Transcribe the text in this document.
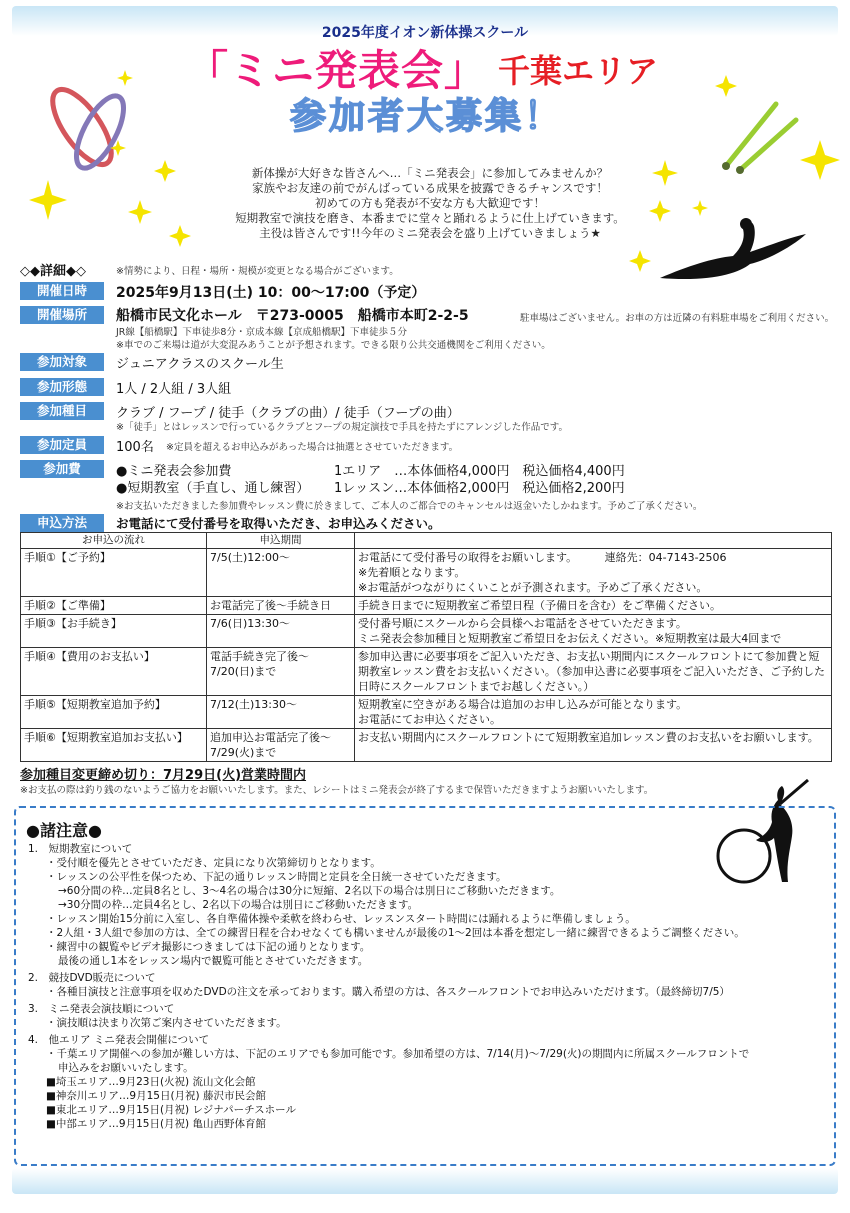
2025年度イオン新体操スクール
「ミニ発表会」 千葉エリア
参加者大募集！
新体操が大好きな皆さんへ…「ミニ発表会」に参加してみませんか？
家族やお友達の前でがんばっている成果を披露できるチャンスです！
初めての方も発表が不安な方も大歓迎です！
短期教室で演技を磨き、本番までに堂々と踊れるように仕上げていきます。
主役は皆さんです!!今年のミニ発表会を盛り上げていきましょう★
◇◆詳細◆◇	※情勢により、日程・場所・規模が変更となる場合がございます。
開催日時	2025年9月13日(土) 10：00〜17:00（予定）
開催場所	船橋市民文化ホール　〒273-0005　船橋市本町2-2-5	駐車場はございません。お車の方は近隣の有料駐車場をご利用ください。
JR線【船橋駅】下車徒歩8分・京成本線【京成船橋駅】下車徒歩５分
※車でのご来場は道が大変混みあうことが予想されます。できる限り公共交通機関をご利用ください。
参加対象	ジュニアクラスのスクール生
参加形態	1人 / 2人組 / 3人組
参加種目	クラブ / フープ / 徒手（クラブの曲）/ 徒手（フープの曲）
※「徒手」とはレッスンで行っているクラブとフープの規定演技で手具を持たずにアレンジした作品です。
参加定員	100名 ※定員を超えるお申込みがあった場合は抽選とさせていただきます。
参加費	●ミニ発表会参加費	1エリア　…本体価格4,000円　税込価格4,400円
●短期教室（手直し、通し練習） 1レッスン…本体価格2,000円　税込価格2,200円
※お支払いただきました参加費やレッスン費に於きまして、ご本人のご都合でのキャンセルは返金いたしかねます。予めご了承ください。
申込方法	お電話にて受付番号を取得いただき、お申込みください。
お申込の流れ	申込期間	
手順①【ご予約】	7/5(土)12:00〜	お電話にて受付番号の取得をお願いします。　　　連絡先：04-7143-2506
※先着順となります。
※お電話がつながりにくいことが予測されます。予めご了承ください。

手順②【ご準備】	お電話完了後〜手続き日	手続き日までに短期教室ご希望日程（予備日を含む）をご準備ください。

手順③【お手続き】	7/6(日)13:30〜	受付番号順にスクールから会員様へお電話をさせていただきます。
ミニ発表会参加種目と短期教室ご希望日をお伝えください。※短期教室は最大4回まで

手順④【費用のお支払い】	電話手続き完了後〜 7/20(日)まで	参加申込書に必要事項をご記入いただき、お支払い期間内にスクールフロントにて参加費と短期教室レッスン費をお支払いください。（参加申込書に必要事項をご記入いただき、ご予約した日時にスクールフロントまでお越しください。）

手順⑤【短期教室追加予約】	7/12(土)13:30〜	短期教室に空きがある場合は追加のお申し込みが可能となります。
お電話にてお申込ください。

手順⑥【短期教室追加お支払い】	追加申込お電話完了後〜 7/29(火)まで	お支払い期間内にスクールフロントにて短期教室追加レッスン費のお支払いをお願いします。
参加種目変更締め切り：7月29日(火)営業時間内
※お支払の際は釣り銭のないようご協力をお願いいたします。また、レシートはミニ発表会が終了するまで保管いただきますようお願いいたします。
●諸注意●
1.　短期教室について
・受付順を優先とさせていただき、定員になり次第締切りとなります。
・レッスンの公平性を保つため、下記の通りレッスン時間と定員を全日統一させていただきます。
→60分間の枠…定員8名とし、3〜4名の場合は30分に短縮、2名以下の場合は別日にご移動いただきます。
→30分間の枠…定員4名とし、2名以下の場合は別日にご移動いただきます。
・レッスン開始15分前に入室し、各自準備体操や柔軟を終わらせ、レッスンスタート時間には踊れるように準備しましょう。
・2人組・3人組で参加の方は、全ての練習日程を合わせなくても構いませんが最後の1〜2回は本番を想定し一緒に練習できるようご調整ください。
・練習中の観覧やビデオ撮影につきましては下記の通りとなります。
最後の通し1本をレッスン場内で観覧可能とさせていただきます。
2.　競技DVD販売について
・各種目演技と注意事項を収めたDVDの注文を承っております。購入希望の方は、各スクールフロントでお申込みいただけます。（最終締切7/5）
3.　ミニ発表会演技順について
・演技順は決まり次第ご案内させていただきます。
4.　他エリア ミニ発表会開催について
・千葉エリア開催への参加が難しい方は、下記のエリアでも参加可能です。参加希望の方は、7/14(月)〜7/29(火)の期間内に所属スクールフロントで
申込みをお願いいたします。
■埼玉エリア…9月23日(火祝) 流山文化会館
■神奈川エリア…9月15日(月祝) 藤沢市民会館
■東北エリア…9月15日(月祝) レジナパーチスホール
■中部エリア…9月15日(月祝) 亀山西野体育館
